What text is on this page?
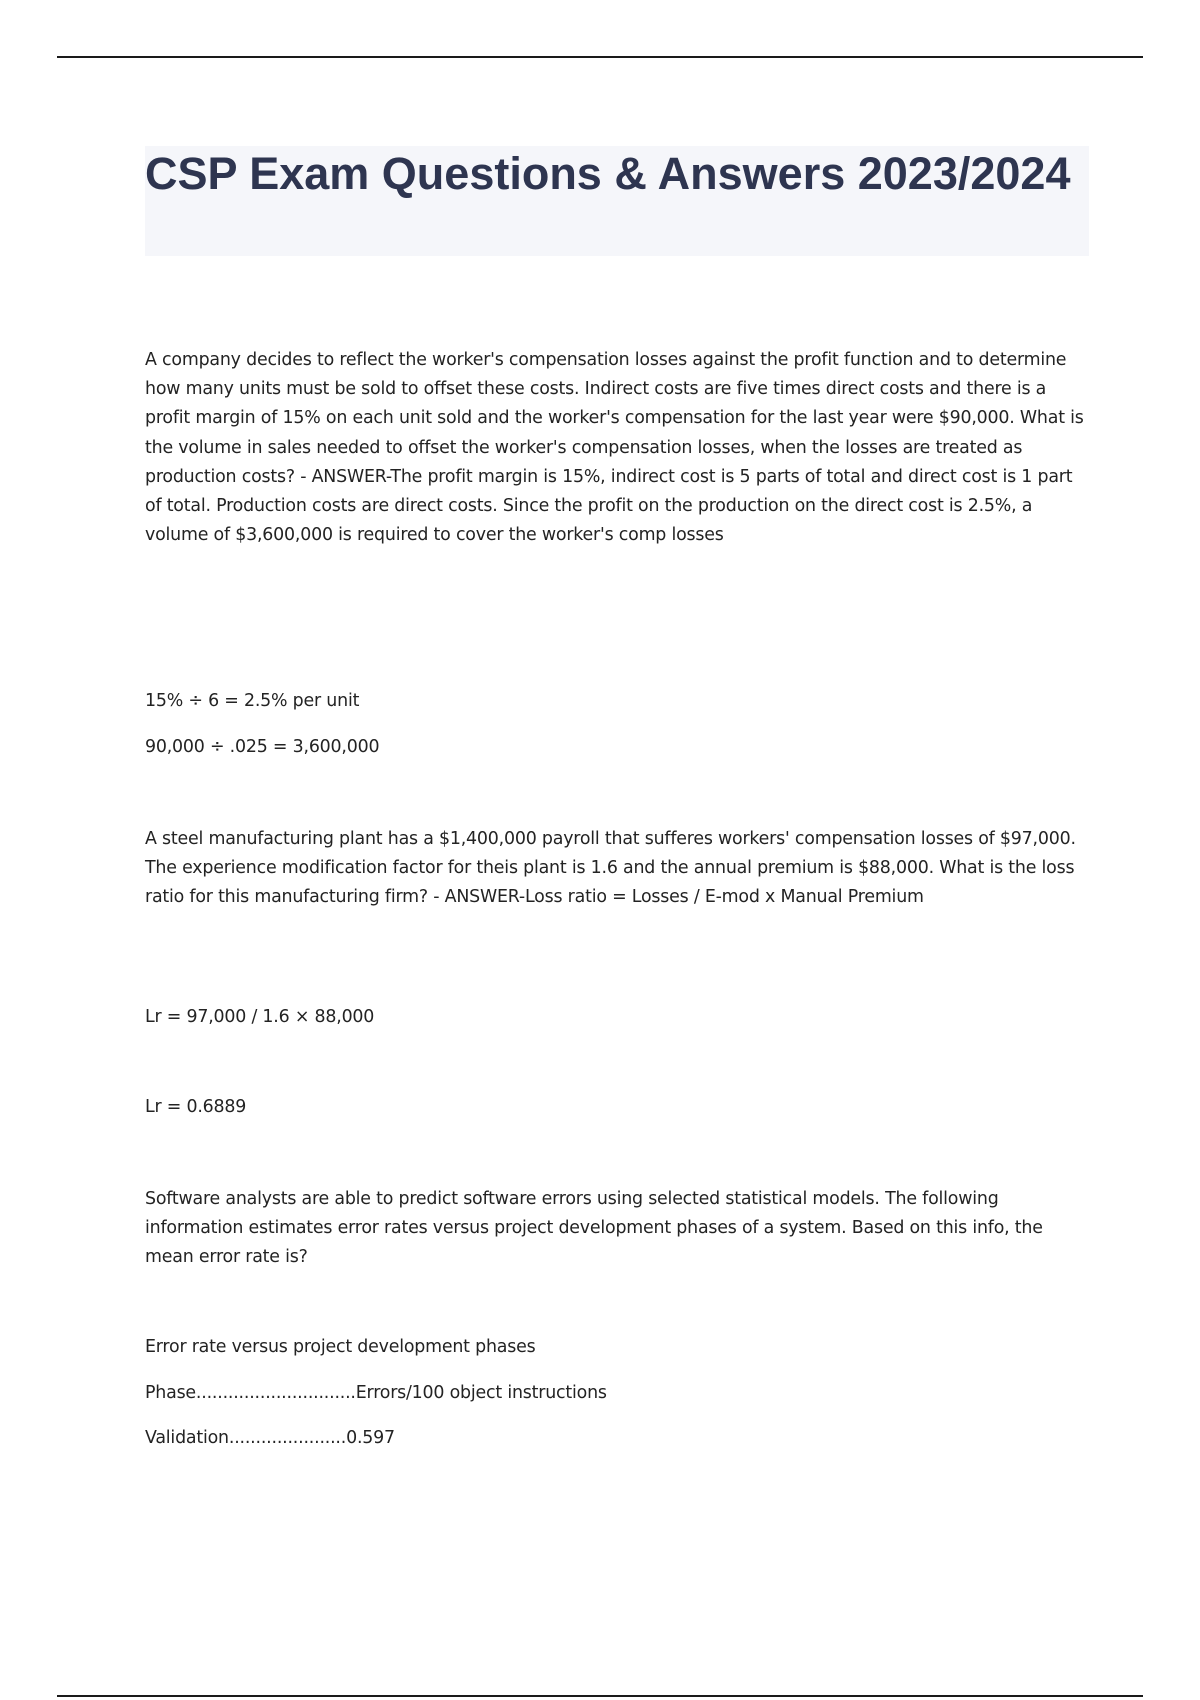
CSP Exam Questions & Answers 2023/2024

A company decides to reflect the worker's compensation losses against the profit function and to determine how many units must be sold to offset these costs. Indirect costs are five times direct costs and there is a profit margin of 15% on each unit sold and the worker's compensation for the last year were $90,000. What is the volume in sales needed to offset the worker's compensation losses, when the losses are treated as production costs? - ANSWER-The profit margin is 15%, indirect cost is 5 parts of total and direct cost is 1 part of total. Production costs are direct costs. Since the profit on the production on the direct cost is 2.5%, a volume of $3,600,000 is required to cover the worker's comp losses

15% ÷ 6 = 2.5% per unit

90,000 ÷ .025 = 3,600,000

A steel manufacturing plant has a $1,400,000 payroll that sufferes workers' compensation losses of $97,000. The experience modification factor for theis plant is 1.6 and the annual premium is $88,000. What is the loss ratio for this manufacturing firm? - ANSWER-Loss ratio = Losses / E-mod x Manual Premium

Lr = 97,000 / 1.6 × 88,000

Lr = 0.6889

Software analysts are able to predict software errors using selected statistical models. The following information estimates error rates versus project development phases of a system. Based on this info, the mean error rate is?

Error rate versus project development phases

Phase..............................Errors/100 object instructions

Validation......................0.597
